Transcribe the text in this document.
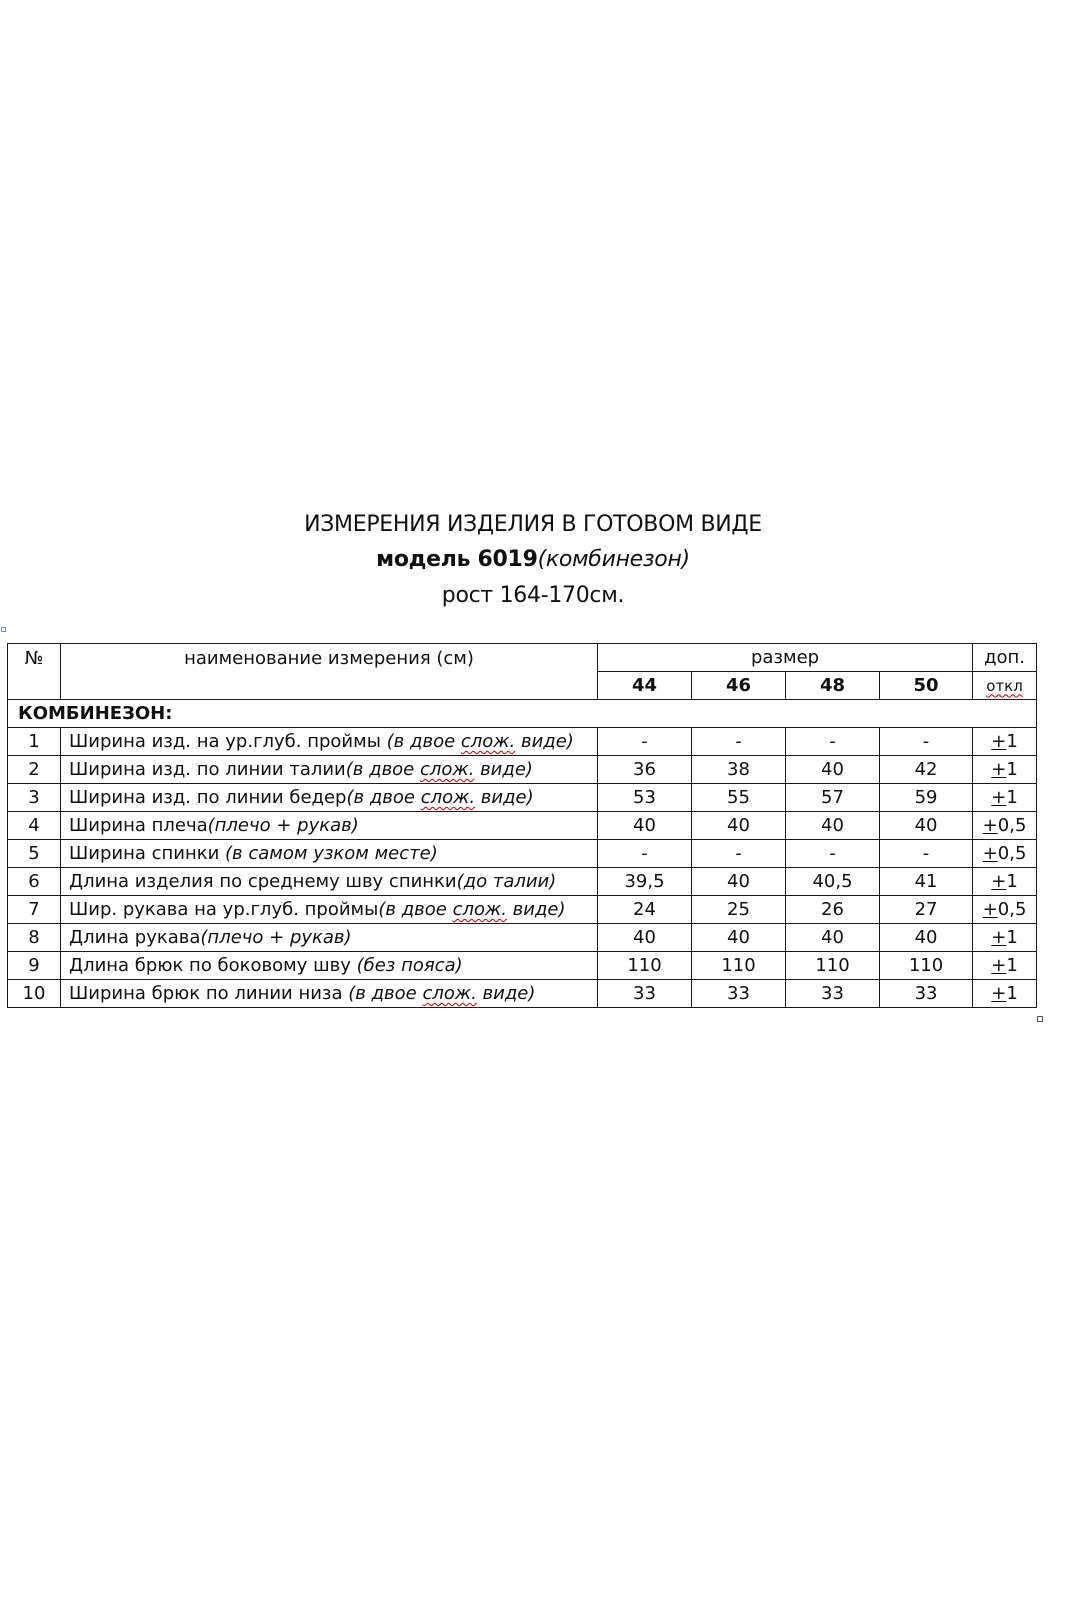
ИЗМЕРЕНИЯ ИЗДЕЛИЯ В ГОТОВОМ ВИДЕ
модель 6019(комбинезон)
рост 164-170см.
№	наименование измерения (см)	размер				доп.
		44	46	48	50	откл
КОМБИНЕЗОН:						
1	Ширина изд. на ур.глуб. проймы (в двое слож. виде)	-	-	-	-	+1
2	Ширина изд. по линии талии(в двое слож. виде)	36	38	40	42	+1
3	Ширина изд. по линии бедер(в двое слож. виде)	53	55	57	59	+1
4	Ширина плеча(плечо + рукав)	40	40	40	40	+0,5
5	Ширина спинки (в самом узком месте)	-	-	-	-	+0,5
6	Длина изделия по среднему шву спинки(до талии)	39,5	40	40,5	41	+1
7	Шир. рукава на ур.глуб. проймы(в двое слож. виде)	24	25	26	27	+0,5
8	Длина рукава(плечо + рукав)	40	40	40	40	+1
9	Длина брюк по боковому шву (без пояса)	110	110	110	110	+1
10	Ширина брюк по линии низа (в двое слож. виде)	33	33	33	33	+1
